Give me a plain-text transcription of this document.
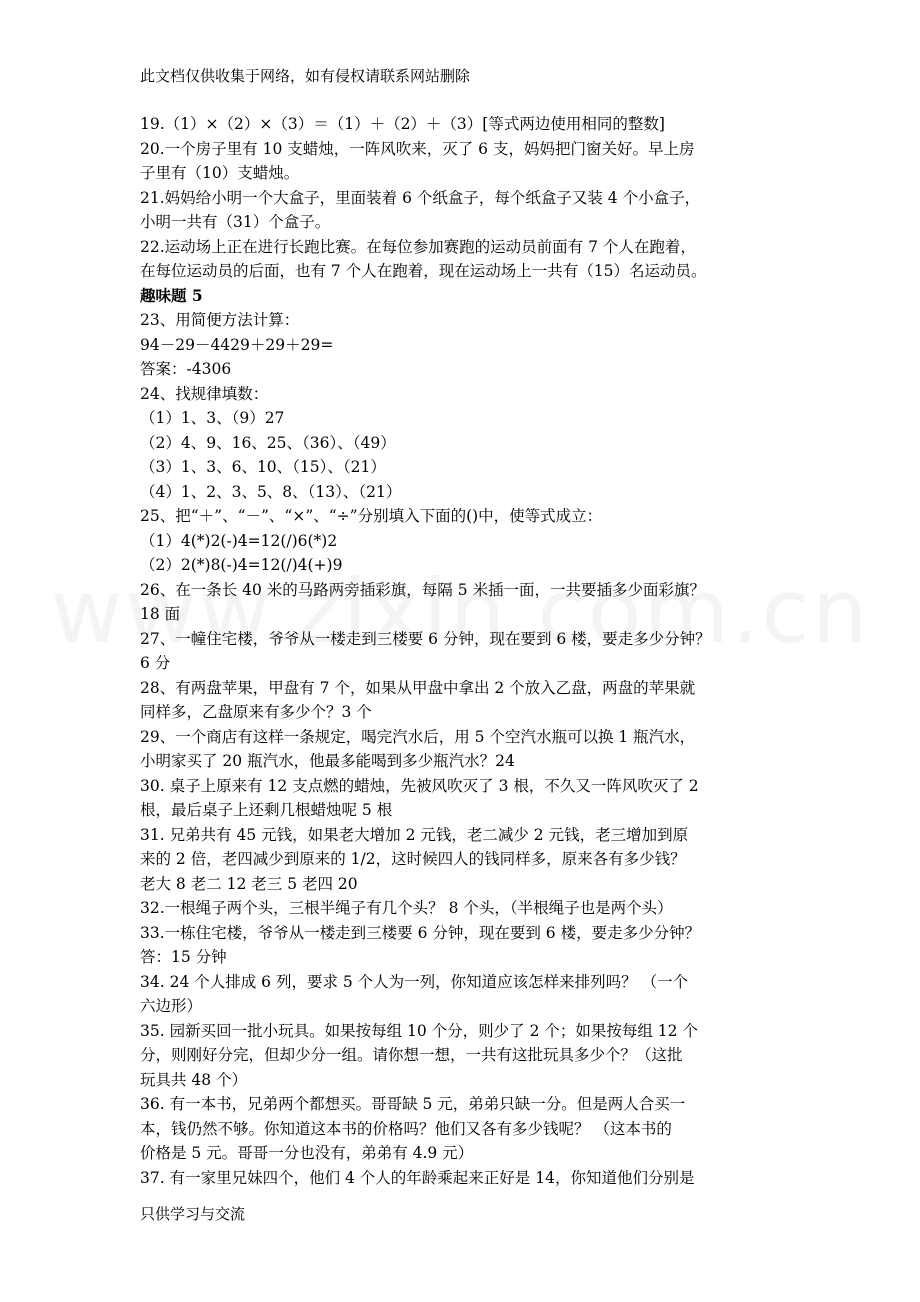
此文档仅供收集于网络，如有侵权请联系网站删除
19.（1）×（2）×（3）＝（1）＋（2）＋（3）[等式两边使用相同的整数]
20.一个房子里有 10 支蜡烛，一阵风吹来，灭了 6 支，妈妈把门窗关好。早上房
子里有（10）支蜡烛。
21.妈妈给小明一个大盒子，里面装着 6 个纸盒子，每个纸盒子又装 4 个小盒子，
小明一共有（31）个盒子。
22.运动场上正在进行长跑比赛。在每位参加赛跑的运动员前面有 7 个人在跑着，
在每位运动员的后面，也有 7 个人在跑着，现在运动场上一共有（15）名运动员。
趣味题 5
23、用简便方法计算：
94－29－4429＋29＋29=
答案：-4306
24、找规律填数：
（1）1、3、（9）27
（2）4、9、16、25、（36）、（49）
（3）1、3、6、10、（15）、（21）
（4）1、2、3、5、8、（13）、（21）
25、把“＋”、“－”、“×”、“÷”分别填入下面的()中，使等式成立：
（1）4(*)2(-)4=12(/)6(*)2
（2）2(*)8(-)4=12(/)4(+)9
26、在一条长 40 米的马路两旁插彩旗，每隔 5 米插一面，一共要插多少面彩旗？
18 面
27、一幢住宅楼，爷爷从一楼走到三楼要 6 分钟，现在要到 6 楼，要走多少分钟？
6 分
28、有两盘苹果，甲盘有 7 个，如果从甲盘中拿出 2 个放入乙盘，两盘的苹果就
同样多，乙盘原来有多少个？3 个
29、一个商店有这样一条规定，喝完汽水后，用 5 个空汽水瓶可以换 1 瓶汽水，
小明家买了 20 瓶汽水，他最多能喝到多少瓶汽水？24
30. 桌子上原来有 12 支点燃的蜡烛，先被风吹灭了 3 根，不久又一阵风吹灭了 2
根，最后桌子上还剩几根蜡烛呢 5 根
31. 兄弟共有 45 元钱，如果老大增加 2 元钱，老二减少 2 元钱，老三增加到原
来的 2 倍，老四减少到原来的 1/2，这时候四人的钱同样多，原来各有多少钱？
老大 8 老二 12 老三 5 老四 20
32.一根绳子两个头，三根半绳子有几个头？ 8 个头，（半根绳子也是两个头）
33.一栋住宅楼，爷爷从一楼走到三楼要 6 分钟，现在要到 6 楼，要走多少分钟？
答：15 分钟
34. 24 个人排成 6 列，要求 5 个人为一列，你知道应该怎样来排列吗？ （一个
六边形）
35. 园新买回一批小玩具。如果按每组 10 个分，则少了 2 个；如果按每组 12 个
分，则刚好分完，但却少分一组。请你想一想，一共有这批玩具多少个？（这批
玩具共 48 个）
36. 有一本书，兄弟两个都想买。哥哥缺 5 元，弟弟只缺一分。但是两人合买一
本，钱仍然不够。你知道这本书的价格吗？他们又各有多少钱呢？ （这本书的
价格是 5 元。哥哥一分也没有，弟弟有 4.9 元）
37. 有一家里兄妹四个，他们 4 个人的年龄乘起来正好是 14，你知道他们分别是
只供学习与交流
